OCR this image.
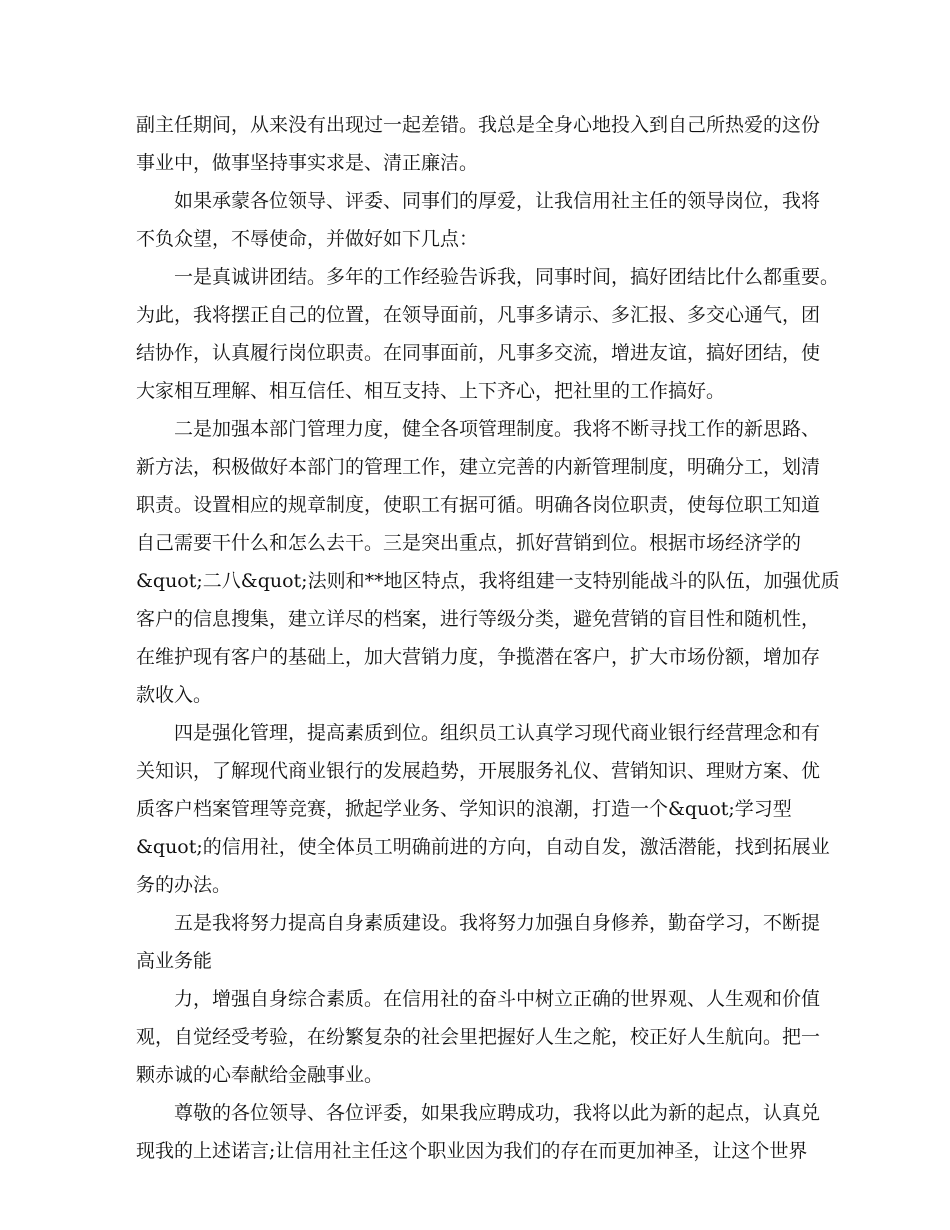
副主任期间，从来没有出现过一起差错。我总是全身心地投入到自己所热爱的这份
事业中，做事坚持事实求是、清正廉洁。
如果承蒙各位领导、评委、同事们的厚爱，让我信用社主任的领导岗位，我将
不负众望，不辱使命，并做好如下几点：
一是真诚讲团结。多年的工作经验告诉我，同事时间，搞好团结比什么都重要。
为此，我将摆正自己的位置，在领导面前，凡事多请示、多汇报、多交心通气，团
结协作，认真履行岗位职责。在同事面前，凡事多交流，增进友谊，搞好团结，使
大家相互理解、相互信任、相互支持、上下齐心，把社里的工作搞好。
二是加强本部门管理力度，健全各项管理制度。我将不断寻找工作的新思路、
新方法，积极做好本部门的管理工作，建立完善的内新管理制度，明确分工，划清
职责。设置相应的规章制度，使职工有据可循。明确各岗位职责，使每位职工知道
自己需要干什么和怎么去干。三是突出重点，抓好营销到位。根据市场经济学的
&quot;二八&quot;法则和**地区特点，我将组建一支特别能战斗的队伍，加强优质
客户的信息搜集，建立详尽的档案，进行等级分类，避免营销的盲目性和随机性，
在维护现有客户的基础上，加大营销力度，争揽潜在客户，扩大市场份额，增加存
款收入。
四是强化管理，提高素质到位。组织员工认真学习现代商业银行经营理念和有
关知识，了解现代商业银行的发展趋势，开展服务礼仪、营销知识、理财方案、优
质客户档案管理等竞赛，掀起学业务、学知识的浪潮，打造一个&quot;学习型
&quot;的信用社，使全体员工明确前进的方向，自动自发，激活潜能，找到拓展业
务的办法。
五是我将努力提高自身素质建设。我将努力加强自身修养，勤奋学习，不断提
高业务能
力，增强自身综合素质。在信用社的奋斗中树立正确的世界观、人生观和价值
观，自觉经受考验，在纷繁复杂的社会里把握好人生之舵，校正好人生航向。把一
颗赤诚的心奉献给金融事业。
尊敬的各位领导、各位评委，如果我应聘成功，我将以此为新的起点，认真兑
现我的上述诺言;让信用社主任这个职业因为我们的存在而更加神圣，让这个世界
